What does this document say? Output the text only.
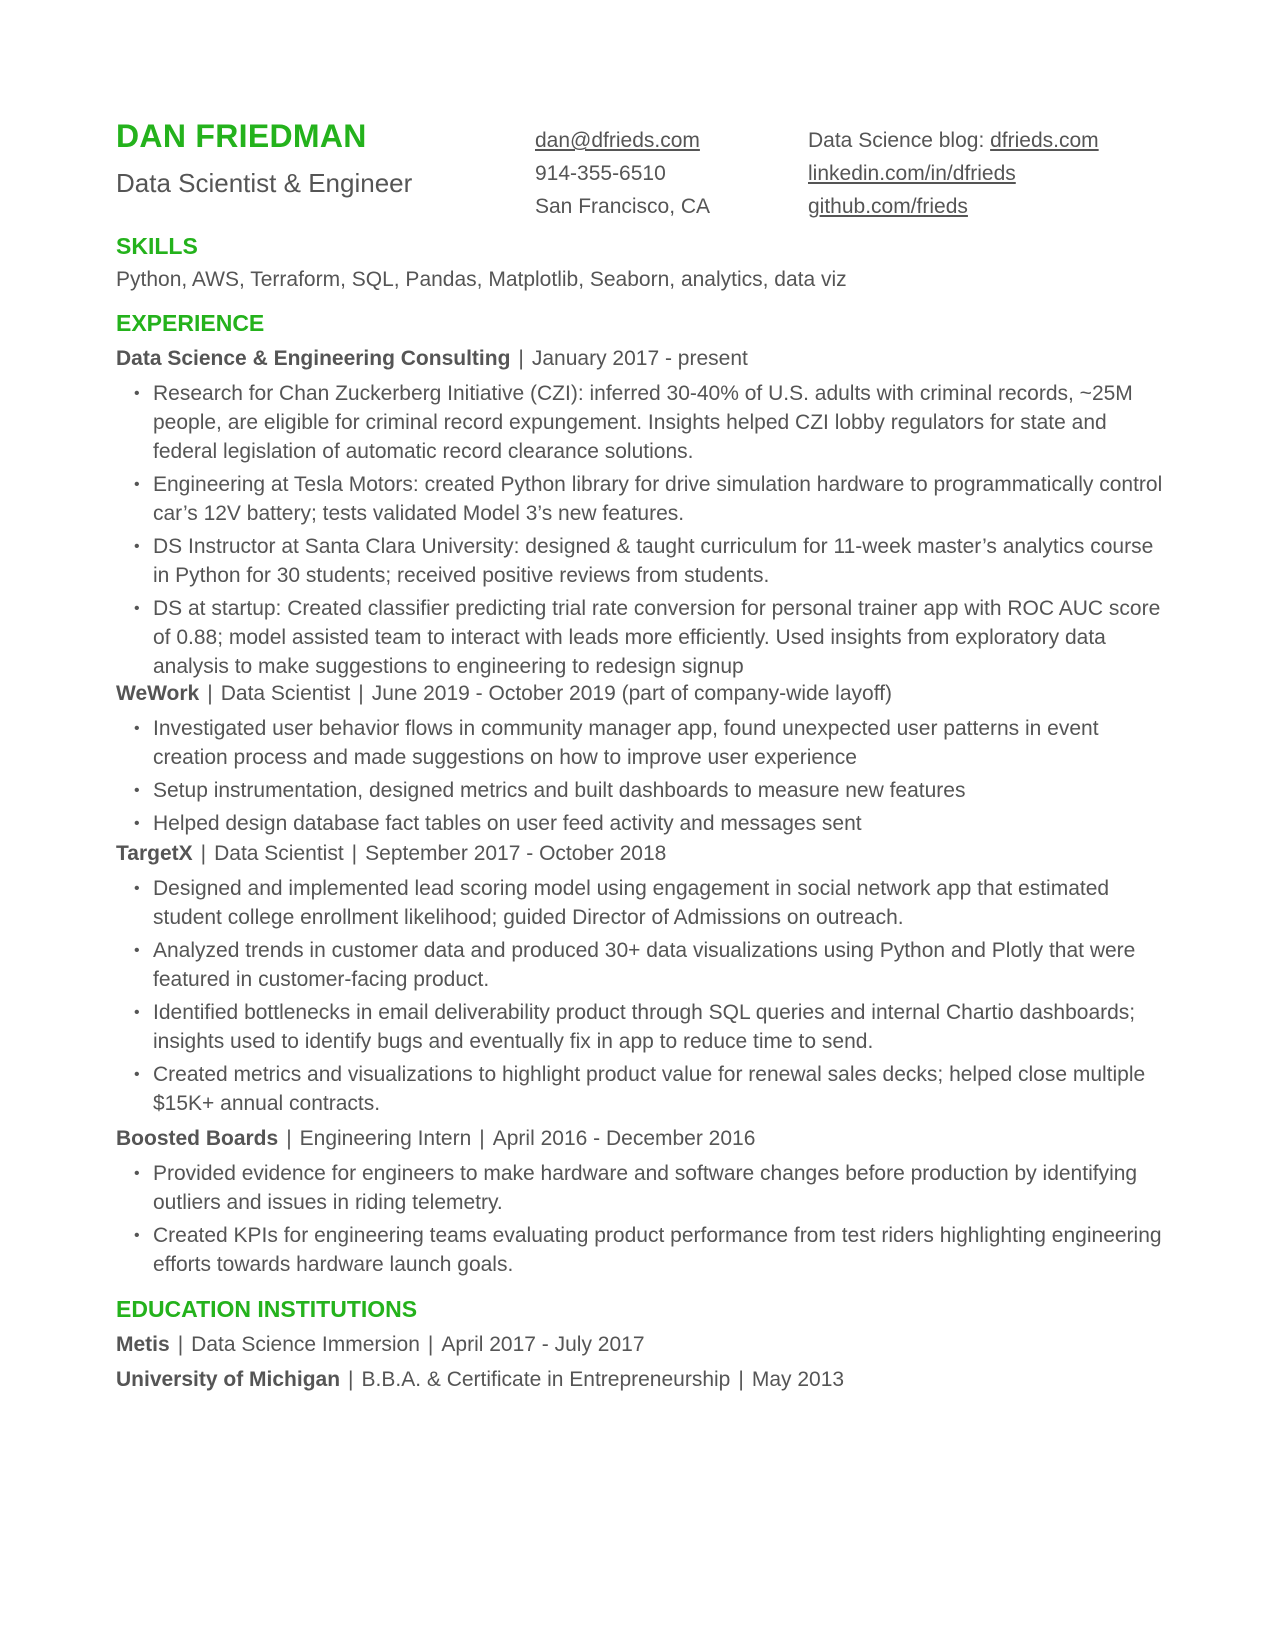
DAN FRIEDMAN
Data Scientist & Engineer
dan@dfrieds.com
914-355-6510
San Francisco, CA
Data Science blog: dfrieds.com
linkedin.com/in/dfrieds
github.com/frieds
SKILLS
Python, AWS, Terraform, SQL, Pandas, Matplotlib, Seaborn, analytics, data viz
EXPERIENCE
Data Science & Engineering Consulting | January 2017 - present
• Research for Chan Zuckerberg Initiative (CZI): inferred 30-40% of U.S. adults with criminal records, ~25M people, are eligible for criminal record expungement. Insights helped CZI lobby regulators for state and federal legislation of automatic record clearance solutions.
• Engineering at Tesla Motors: created Python library for drive simulation hardware to programmatically control car’s 12V battery; tests validated Model 3’s new features.
• DS Instructor at Santa Clara University: designed & taught curriculum for 11-week master’s analytics course in Python for 30 students; received positive reviews from students.
• DS at startup: Created classifier predicting trial rate conversion for personal trainer app with ROC AUC score of 0.88; model assisted team to interact with leads more efficiently. Used insights from exploratory data analysis to make suggestions to engineering to redesign signup
WeWork | Data Scientist | June 2019 - October 2019 (part of company-wide layoff)
• Investigated user behavior flows in community manager app, found unexpected user patterns in event creation process and made suggestions on how to improve user experience
• Setup instrumentation, designed metrics and built dashboards to measure new features
• Helped design database fact tables on user feed activity and messages sent
TargetX | Data Scientist | September 2017 - October 2018
• Designed and implemented lead scoring model using engagement in social network app that estimated student college enrollment likelihood; guided Director of Admissions on outreach.
• Analyzed trends in customer data and produced 30+ data visualizations using Python and Plotly that were featured in customer-facing product.
• Identified bottlenecks in email deliverability product through SQL queries and internal Chartio dashboards; insights used to identify bugs and eventually fix in app to reduce time to send.
• Created metrics and visualizations to highlight product value for renewal sales decks; helped close multiple $15K+ annual contracts.
Boosted Boards | Engineering Intern | April 2016 - December 2016
• Provided evidence for engineers to make hardware and software changes before production by identifying outliers and issues in riding telemetry.
• Created KPIs for engineering teams evaluating product performance from test riders highlighting engineering efforts towards hardware launch goals.
EDUCATION INSTITUTIONS
Metis | Data Science Immersion | April 2017 - July 2017
University of Michigan | B.B.A. & Certificate in Entrepreneurship | May 2013
